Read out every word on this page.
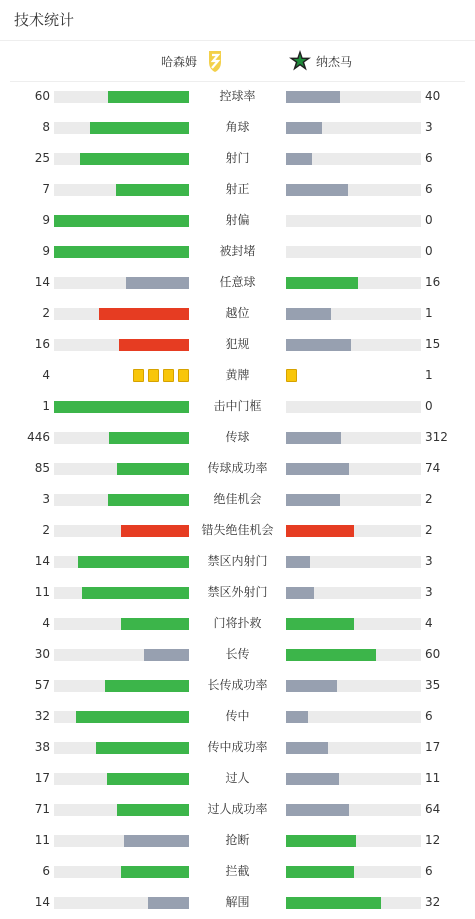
技术统计
哈森姆	纳杰马
60	控球率	40
8	角球	3
25	射门	6
7	射正	6
9	射偏	0
9	被封堵	0
14	任意球	16
2	越位	1
16	犯规	15
4	黄牌	1
1	击中门框	0
446	传球	312
85	传球成功率	74
3	绝佳机会	2
2	错失绝佳机会	2
14	禁区内射门	3
11	禁区外射门	3
4	门将扑救	4
30	长传	60
57	长传成功率	35
32	传中	6
38	传中成功率	17
17	过人	11
71	过人成功率	64
11	抢断	12
6	拦截	6
14	解围	32
